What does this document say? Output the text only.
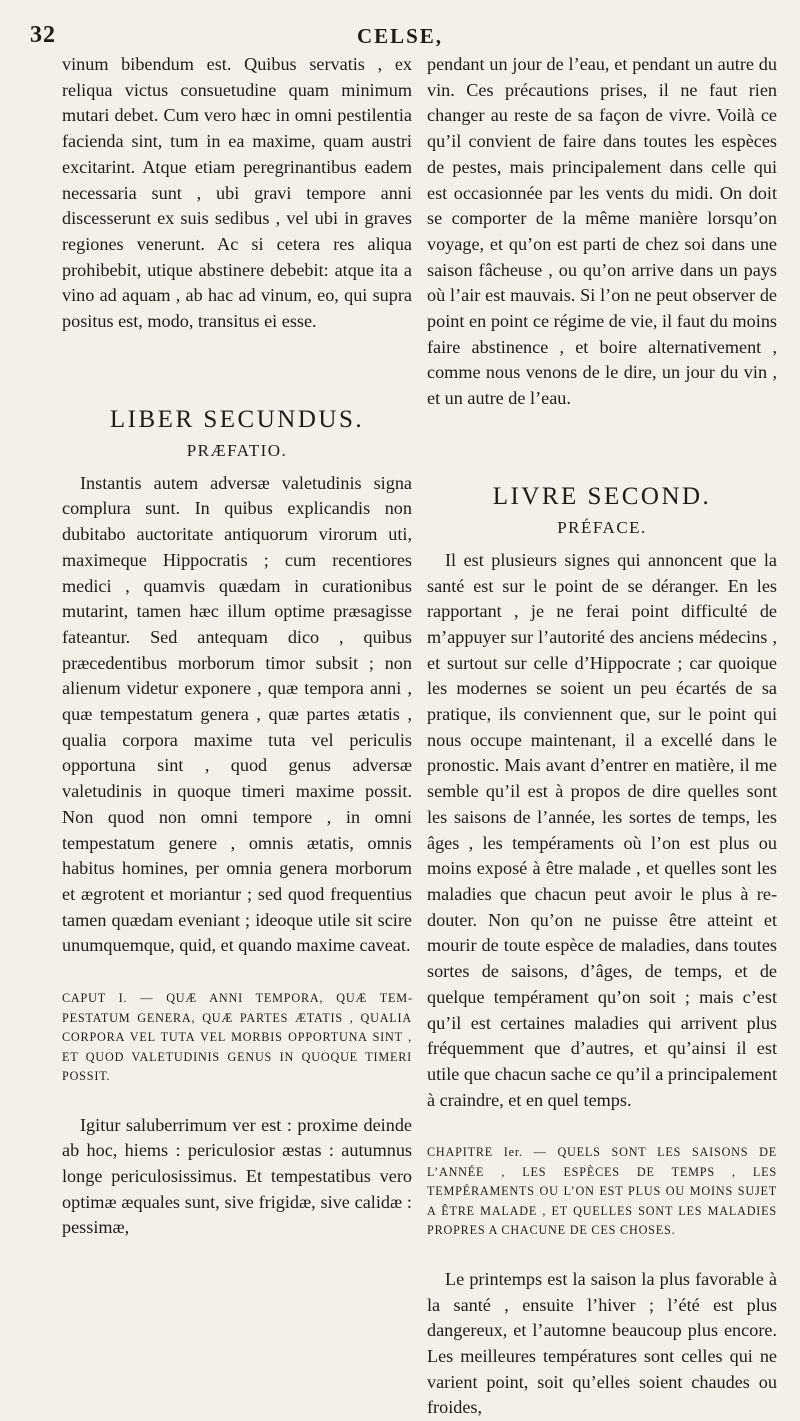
32	CELSE,

vinum bibendum est. Quibus servatis , ex reliqua victus consuetudine quam minimum mutari debet. Cum vero hæc in omni pestilentia facienda sint, tum in ea maxime, quam austri excitarint. Atque etiam peregrinantibus eadem necessaria sunt , ubi gravi tempore anni discesserunt ex suis sedibus , vel ubi in graves regiones venerunt. Ac si cetera res aliqua prohibebit, utique abstinere debebit: atque ita a vino ad aquam , ab hac ad vinum, eo, qui supra positus est, modo, transitus ei esse.

LIBER SECUNDUS.
PRÆFATIO.

Instantis autem adversæ valetudinis signa complura sunt. In quibus explicandis non dubitabo auctoritate antiquorum virorum uti, maximeque Hippocratis ; cum recentiores medici , quamvis quædam in curationibus mutarint, tamen hæc illum optime præsagisse fateantur. Sed antequam dico , quibus præcedentibus morborum timor subsit ; non alienum videtur exponere , quæ tempora anni , quæ tempestatum genera , quæ partes ætatis , qualia corpora maxime tuta vel periculis opportuna sint , quod genus adversæ valetudinis in quoque timeri maxime possit. Non quod non omni tempore , in omni tempestatum genere , omnis ætatis, omnis habitus homines, per omnia genera morborum et ægrotent et moriantur ; sed quod frequentius tamen quædam eveniant ; ideoque utile sit scire unumquemque, quid, et quando maxime caveat.

CAPUT I. — QUÆ ANNI TEMPORA, QUÆ TEMPESTATUM GENERA, QUÆ PARTES ÆTATIS , QUALIA CORPORA VEL TUTA VEL MORBIS OPPORTUNA SINT , ET QUOD VALETUDINIS GENUS IN QUOQUE TIMERI POSSIT.

Igitur saluberrimum ver est : proxime deinde ab hoc, hiems : periculosior æstas : autumnus longe periculosissimus. Et tempestatibus vero optimæ æquales sunt, sive frigidæ, sive calidæ : pessimæ,

pendant un jour de l’eau, et pendant un autre du vin. Ces précautions prises, il ne faut rien changer au reste de sa façon de vivre. Voilà ce qu’il convient de faire dans toutes les espèces de pestes, mais principalement dans celle qui est occasionnée par les vents du midi. On doit se comporter de la même manière lorsqu’on voyage, et qu’on est parti de chez soi dans une saison fâcheuse , ou qu’on arrive dans un pays où l’air est mauvais. Si l’on ne peut observer de point en point ce régime de vie, il faut du moins faire abstinence , et boire alternativement , comme nous venons de le dire, un jour du vin , et un autre de l’eau.

LIVRE SECOND.
PRÉFACE.

Il est plusieurs signes qui annoncent que la santé est sur le point de se déranger. En les rapportant , je ne ferai point difficulté de m’appuyer sur l’autorité des anciens médecins , et surtout sur celle d’Hippocrate ; car quoique les modernes se soient un peu écartés de sa pratique, ils conviennent que, sur le point qui nous occupe maintenant, il a excellé dans le pronostic. Mais avant d’entrer en matière, il me semble qu’il est à propos de dire quelles sont les saisons de l’année, les sortes de temps, les âges , les tempéraments où l’on est plus ou moins exposé à être malade , et quelles sont les maladies que chacun peut avoir le plus à redouter. Non qu’on ne puisse être atteint et mourir de toute espèce de maladies, dans toutes sortes de saisons, d’âges, de temps, et de quelque tempérament qu’on soit ; mais c’est qu’il est certaines maladies qui arrivent plus fréquemment que d’autres, et qu’ainsi il est utile que chacun sache ce qu’il a principalement à craindre, et en quel temps.

CHAPITRE Ier. — QUELS SONT LES SAISONS DE L’ANNÉE , LES ESPÈCES DE TEMPS , LES TEMPÉRAMENTS OU L’ON EST PLUS OU MOINS SUJET A ÊTRE MALADE , ET QUELLES SONT LES MALADIES PROPRES A CHACUNE DE CES CHOSES.

Le printemps est la saison la plus favorable à la santé , ensuite l’hiver ; l’été est plus dangereux, et l’automne beaucoup plus encore. Les meilleures températures sont celles qui ne varient point, soit qu’elles soient chaudes ou froides,
